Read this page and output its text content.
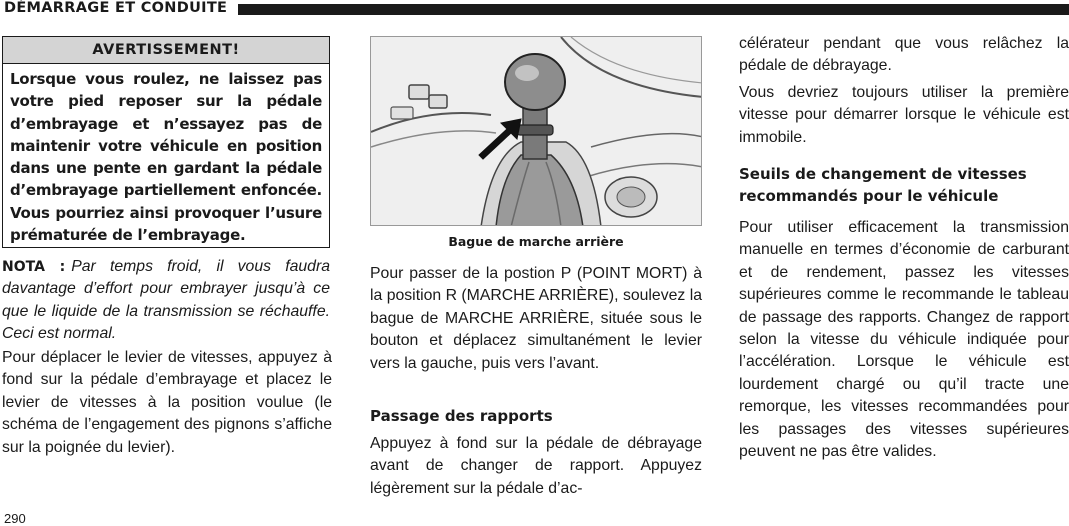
DÉMARRAGE ET CONDUITE
AVERTISSEMENT!
Lorsque vous roulez, ne laissez pas votre pied reposer sur la pédale d’embrayage et n’essayez pas de maintenir votre véhicule en position dans une pente en gardant la pédale d’embrayage partiellement enfoncée. Vous pourriez ainsi provoquer l’usure prématurée de l’embrayage.
NOTA : Par temps froid, il vous faudra davantage d’effort pour embrayer jusqu’à ce que le liquide de la transmission se réchauffe. Ceci est normal.
Pour déplacer le levier de vitesses, appuyez à fond sur la pédale d’embrayage et placez le levier de vitesses à la position voulue (le schéma de l’engagement des pignons s’affiche sur la poignée du levier).
Bague de marche arrière
Pour passer de la postion P (POINT MORT) à la position R (MARCHE ARRIÈRE), soulevez la bague de MARCHE ARRIÈRE, située sous le bouton et déplacez simultanément le levier vers la gauche, puis vers l’avant.
Passage des rapports
Appuyez à fond sur la pédale de débrayage avant de changer de rapport. Appuyez légèrement sur la pédale d’ac-
célérateur pendant que vous relâchez la pédale de débrayage.
Vous devriez toujours utiliser la première vitesse pour démarrer lorsque le véhicule est immobile.
Seuils de changement de vitesses recommandés pour le véhicule
Pour utiliser efficacement la transmission manuelle en termes d’économie de carburant et de rendement, passez les vitesses supérieures comme le recommande le tableau de passage des rapports. Changez de rapport selon la vitesse du véhicule indiquée pour l’accélération. Lorsque le véhicule est lourdement chargé ou qu’il tracte une remorque, les vitesses recommandées pour les passages des vitesses supérieures peuvent ne pas être valides.
290
